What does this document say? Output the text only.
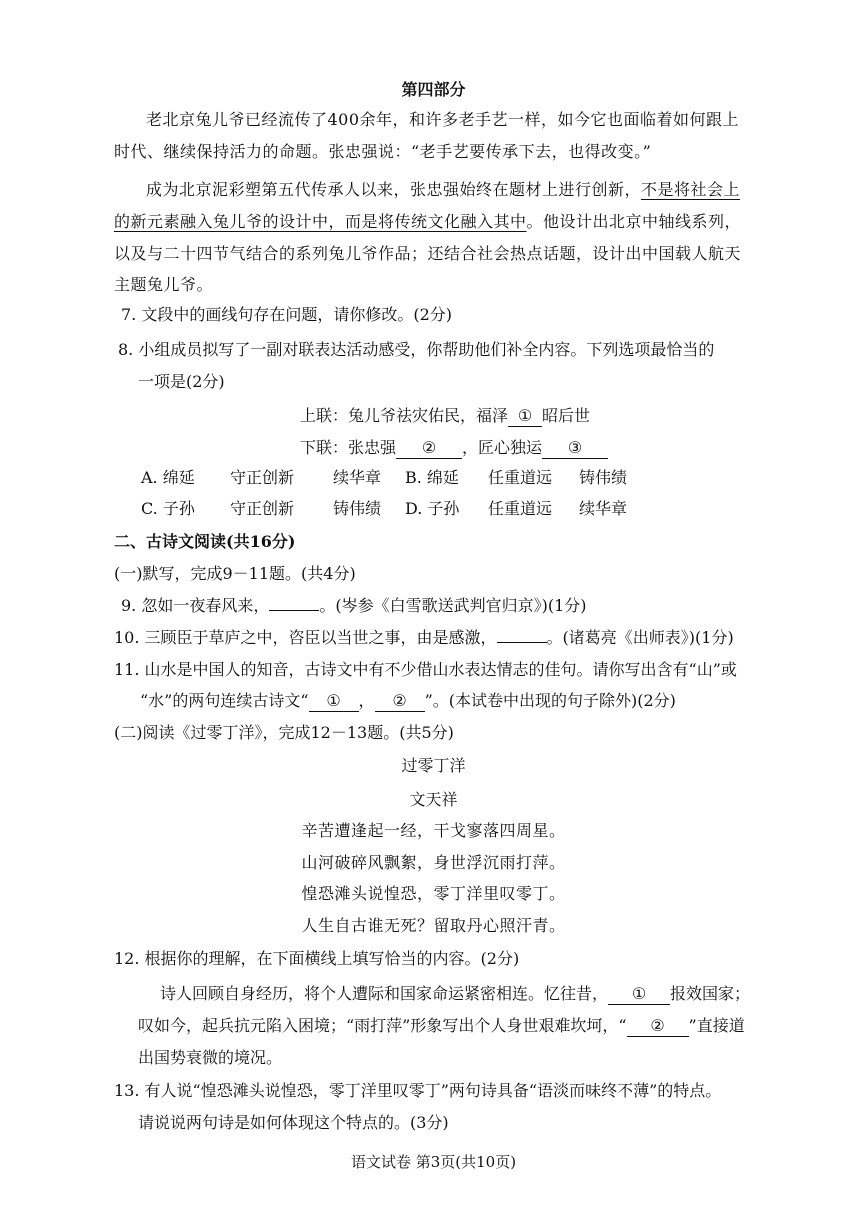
第四部分
老北京兔儿爷已经流传了400余年，和许多老手艺一样，如今它也面临着如何跟上
时代、继续保持活力的命题。张忠强说：“老手艺要传承下去，也得改变。”
成为北京泥彩塑第五代传承人以来，张忠强始终在题材上进行创新，不是将社会上
的新元素融入兔儿爷的设计中，而是将传统文化融入其中。他设计出北京中轴线系列，
以及与二十四节气结合的系列兔儿爷作品；还结合社会热点话题，设计出中国载人航天
主题兔儿爷。
7. 文段中的画线句存在问题，请你修改。(2分)
8. 小组成员拟写了一副对联表达活动感受，你帮助他们补全内容。下列选项最恰当的
一项是(2分)
上联：兔儿爷祛灾佑民，福泽 ① 昭后世
下联：张忠强 ② ，匠心独运 ③
A. 绵延 守正创新 续华章 B. 绵延 任重道远 铸伟绩
C. 子孙 守正创新 铸伟绩 D. 子孙 任重道远 续华章
二、古诗文阅读(共16分)
(一)默写，完成9－11题。(共4分)
9. 忽如一夜春风来，	。(岑参《白雪歌送武判官归京》)(1分)
10. 三顾臣于草庐之中，咨臣以当世之事，由是感激，	。(诸葛亮《出师表》)(1分)
11. 山水是中国人的知音，古诗文中有不少借山水表达情志的佳句。请你写出含有“山”或
“水”的两句连续古诗文“ ① ， ② ”。(本试卷中出现的句子除外)(2分)
(二)阅读《过零丁洋》，完成12－13题。(共5分)
过零丁洋
文天祥
辛苦遭逢起一经，干戈寥落四周星。
山河破碎风飘絮，身世浮沉雨打萍。
惶恐滩头说惶恐，零丁洋里叹零丁。
人生自古谁无死？留取丹心照汗青。
12. 根据你的理解，在下面横线上填写恰当的内容。(2分)
诗人回顾自身经历，将个人遭际和国家命运紧密相连。忆往昔， ① 报效国家；
叹如今，起兵抗元陷入困境；“雨打萍”形象写出个人身世艰难坎坷，“ ② ”直接道
出国势衰微的境况。
13. 有人说“惶恐滩头说惶恐，零丁洋里叹零丁”两句诗具备“语淡而味终不薄”的特点。
请说说两句诗是如何体现这个特点的。(3分)
语文试卷 第3页(共10页)
